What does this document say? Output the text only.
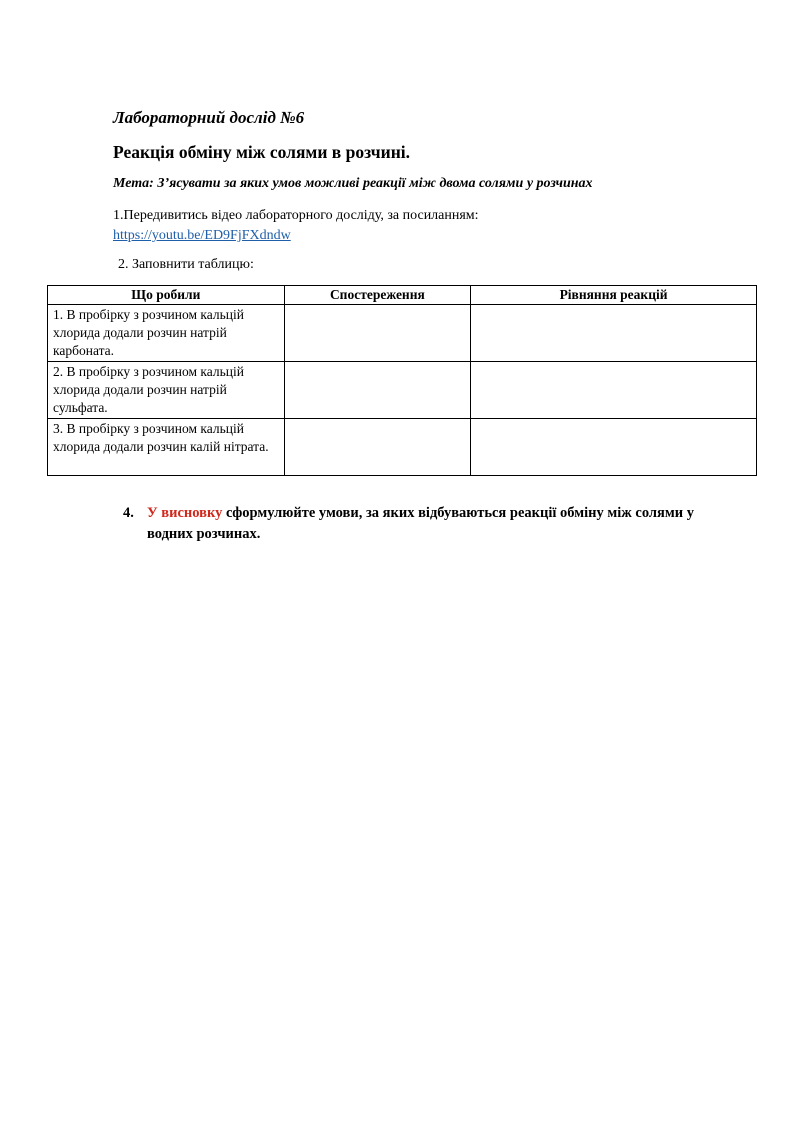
Лабораторний дослід №6
Реакція обміну між солями в розчині.
Мета: З’ясувати за яких умов можливі реакції між двома солями у розчинах
1.Передивитись відео лабораторного досліду, за посиланням:
https://youtu.be/ED9FjFXdndw
2. Заповнити таблицю:
Що робили	Спостереження	Рівняння реакцій
1. В пробірку з розчином кальцій хлорида додали розчин натрій карбоната.		
2. В пробірку з розчином кальцій хлорида додали розчин натрій сульфата.		
3. В пробірку з розчином кальцій хлорида додали розчин калій нітрата.		
4. У висновку сформулюйте умови, за яких відбуваються реакції обміну між солями у водних розчинах.
